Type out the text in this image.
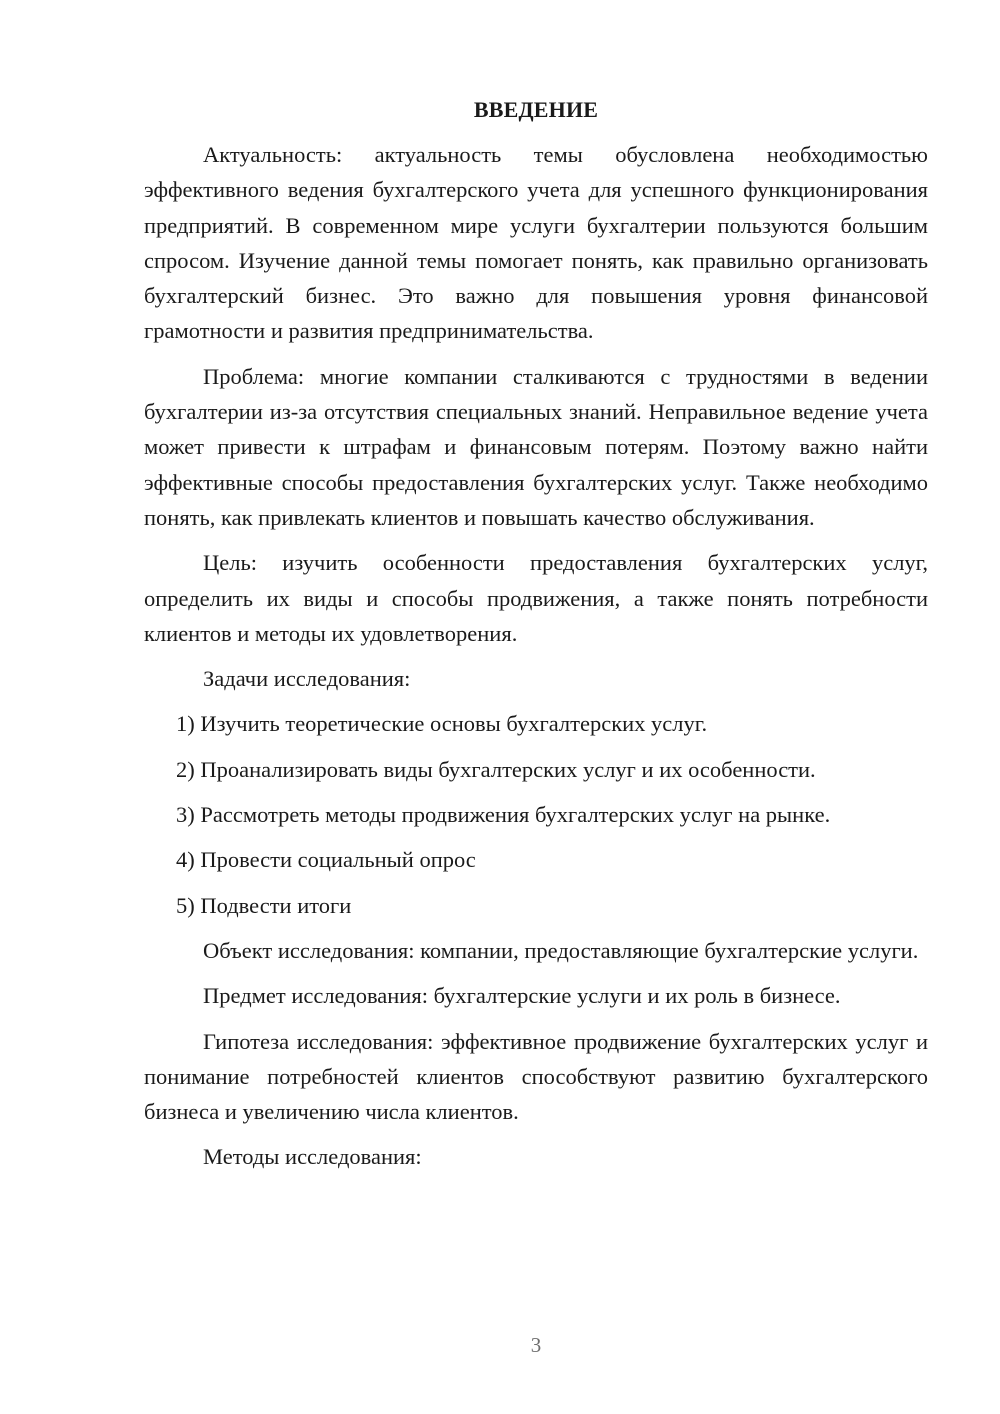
ВВЕДЕНИЕ

Актуальность: актуальность темы обусловлена необходимостью эффективного ведения бухгалтерского учета для успешного функционирования предприятий. В современном мире услуги бухгалтерии пользуются большим спросом. Изучение данной темы помогает понять, как правильно организовать бухгалтерский бизнес. Это важно для повышения уровня финансовой грамотности и развития предпринимательства.

Проблема: многие компании сталкиваются с трудностями в ведении бухгалтерии из-за отсутствия специальных знаний. Неправильное ведение учета может привести к штрафам и финансовым потерям. Поэтому важно найти эффективные способы предоставления бухгалтерских услуг. Также необходимо понять, как привлекать клиентов и повышать качество обслуживания.

Цель: изучить особенности предоставления бухгалтерских услуг, определить их виды и способы продвижения, а также понять потребности клиентов и методы их удовлетворения.

Задачи исследования:

1) Изучить теоретические основы бухгалтерских услуг.

2) Проанализировать виды бухгалтерских услуг и их особенности.

3) Рассмотреть методы продвижения бухгалтерских услуг на рынке.

4) Провести социальный опрос

5) Подвести итоги

Объект исследования: компании, предоставляющие бухгалтерские услуги.

Предмет исследования: бухгалтерские услуги и их роль в бизнесе.

Гипотеза исследования: эффективное продвижение бухгалтерских услуг и понимание потребностей клиентов способствуют развитию бухгалтерского бизнеса и увеличению числа клиентов.

Методы исследования:

3
